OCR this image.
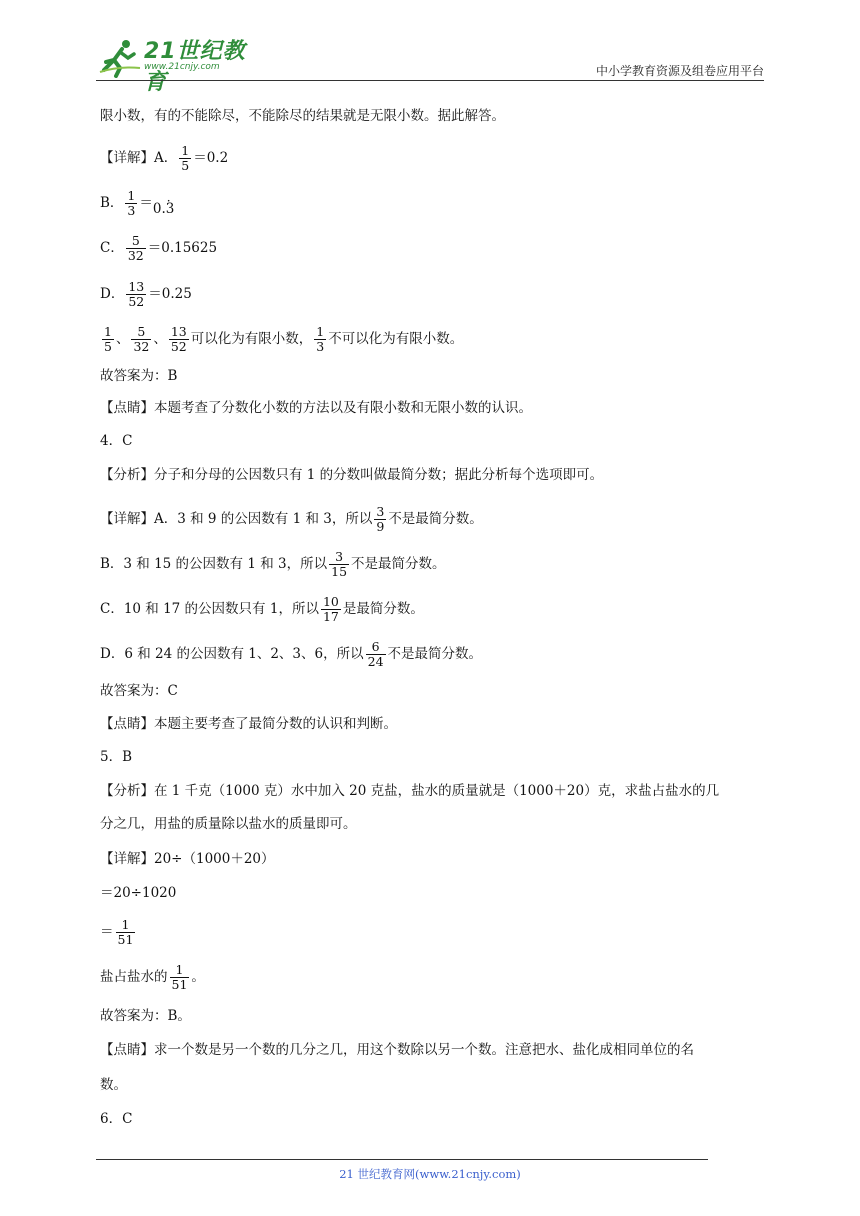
21世纪教育
www.21cnjy.com	中小学教育资源及组卷应用平台
限小数，有的不能除尽，不能除尽的结果就是无限小数。据此解答。
【详解】A． $\frac{1}{5} =0.2$
B． $\frac{1}{3} =0.\cdot 3$
C． $\frac{5}{32} =0.15625$
D． $\frac{13}{52} =0.25$
$\frac{1}{5}$ 、 $\frac{5}{32}$ 、 $\frac{13}{52}$ 可以化为有限小数， $\frac{1}{3}$ 不可以化为有限小数。
故答案为：B
【点睛】本题考查了分数化小数的方法以及有限小数和无限小数的认识。
4．C
【分析】分子和分母的公因数只有 1 的分数叫做最简分数；据此分析每个选项即可。
【详解】A．3 和 9 的公因数有 1 和 3，所以 $\frac{3}{9}$ 不是最简分数。
B．3 和 15 的公因数有 1 和 3，所以 $\frac{3}{15}$ 不是最简分数。
C．10 和 17 的公因数只有 1，所以 $\frac{10}{17}$ 是最简分数。
D．6 和 24 的公因数有 1、2、3、6，所以 $\frac{6}{24}$ 不是最简分数。
故答案为：C
【点睛】本题主要考查了最简分数的认识和判断。
5．B
【分析】在 1 千克（1000 克）水中加入 20 克盐，盐水的质量就是（1000＋20）克，求盐占盐水的几
分之几，用盐的质量除以盐水的质量即可。
【详解】20÷（1000＋20）
＝20÷1020
＝ $\frac{1}{51}$
盐占盐水的 $\frac{1}{51}$ 。
故答案为：B。
【点睛】求一个数是另一个数的几分之几，用这个数除以另一个数。注意把水、盐化成相同单位的名
数。
6．C
21 世纪教育网(www.21cnjy.com)
